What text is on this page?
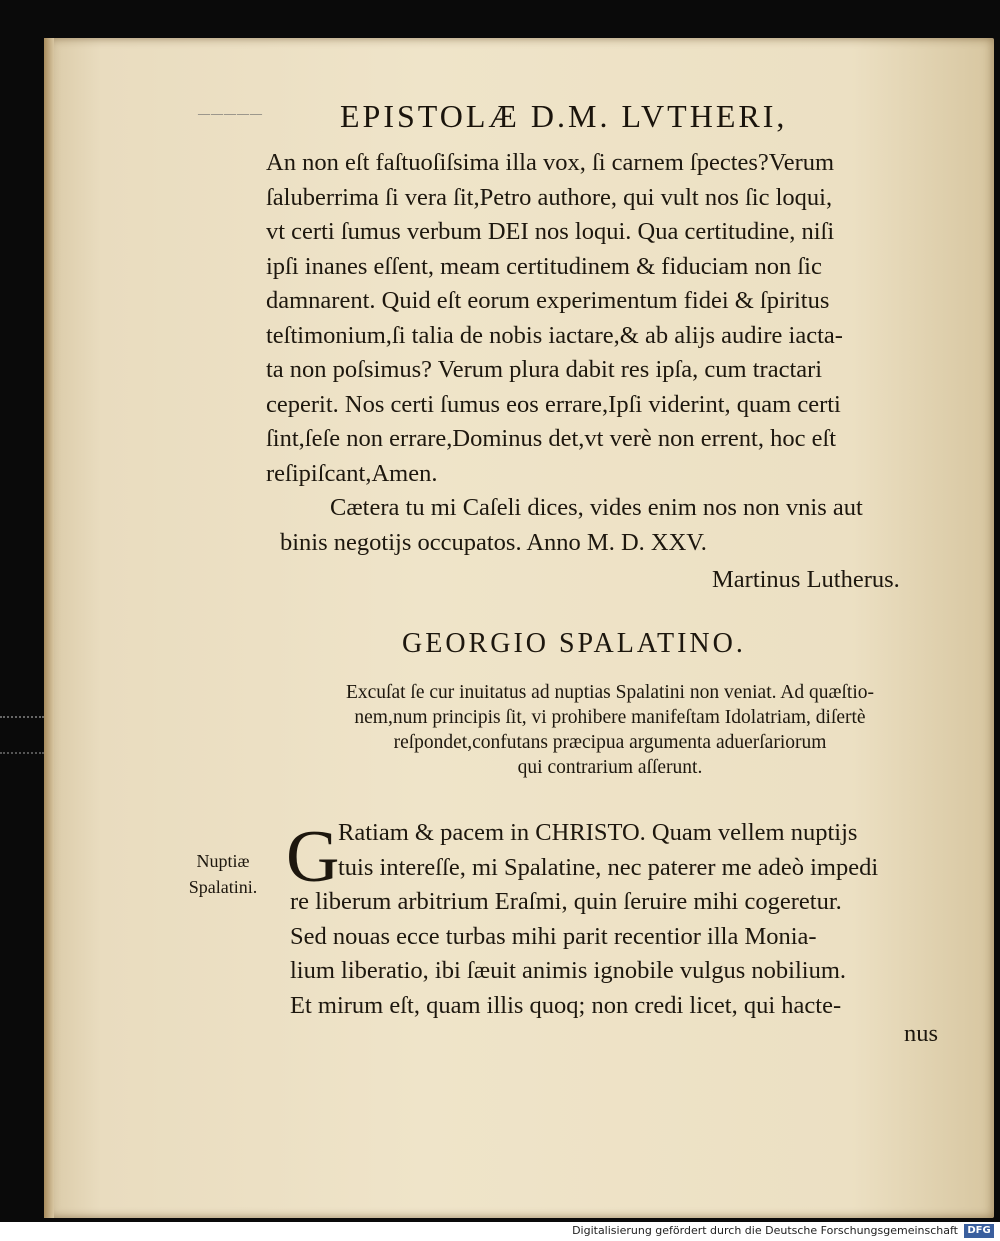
————— EPISTOLÆ D.M. LVTHERI,
An non eſt faſtuoſiſsima illa vox, ſi carnem ſpectes?Verum
ſaluberrima ſi vera ſit,Petro authore, qui vult nos ſic loqui,
vt certi ſumus verbum DEI nos loqui. Qua certitudine, niſi
ipſi inanes eſſent, meam certitudinem & fiduciam non ſic
damnarent. Quid eſt eorum experimentum fidei & ſpiritus
teſtimonium,ſi talia de nobis iactare,& ab alijs audire iacta-
ta non poſsimus? Verum plura dabit res ipſa, cum tractari
ceperit. Nos certi ſumus eos errare,Ipſi viderint, quam certi
ſint,ſeſe non errare,Dominus det,vt verè non errent, hoc eſt
reſipiſcant,Amen.
Cætera tu mi Caſeli dices, vides enim nos non vnis aut
binis negotijs occupatos. Anno M. D. XXV.
Martinus Lutherus.
GEORGIO SPALATINO.
Excuſat ſe cur inuitatus ad nuptias Spalatini non veniat. Ad quæſtio-
nem,num principis ſit, vi prohibere manifeſtam Idolatriam, diſertè
reſpondet,confutans præcipua argumenta aduerſariorum
qui contrarium aſſerunt.
Nuptiæ
Spalatini. G
Ratiam & pacem in CHRISTO. Quam vellem nuptijs
tuis intereſſe, mi Spalatine, nec paterer me adeò impedi
re liberum arbitrium Eraſmi, quin ſeruire mihi cogeretur.
Sed nouas ecce turbas mihi parit recentior illa Monia-
lium liberatio, ibi ſæuit animis ignobile vulgus nobilium.
Et mirum eſt, quam illis quoq; non credi licet, qui hacte-
nus
Digitalisierung gefördert durch die Deutsche Forschungsgemeinschaft DFG
